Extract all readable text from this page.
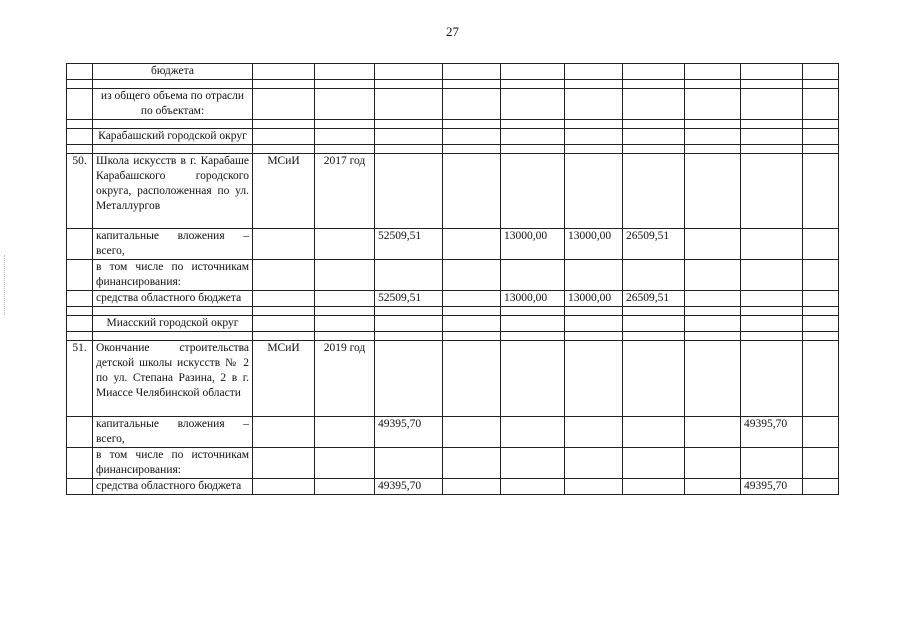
27
	бюджета										

	из общего объема по отрасли по объектам:										

	Карабашский городской округ										

50.	Школа искусств в г. Карабаше Карабашского городского округа, расположенная по ул. Металлургов	МСиИ	2017 год								
	капитальные вложения – всего,			52509,51		13000,00	13000,00	26509,51			
	в том числе по источникам финансирования:										
	средства областного бюджета			52509,51		13000,00	13000,00	26509,51			

	Миасский городской округ										

51.	Окончание строительства детской школы искусств № 2 по ул. Степана Разина, 2 в г. Миассе Челябинской области	МСиИ	2019 год								
	капитальные вложения – всего,			49395,70						49395,70	
	в том числе по источникам финансирования:										
	средства областного бюджета			49395,70						49395,70	
